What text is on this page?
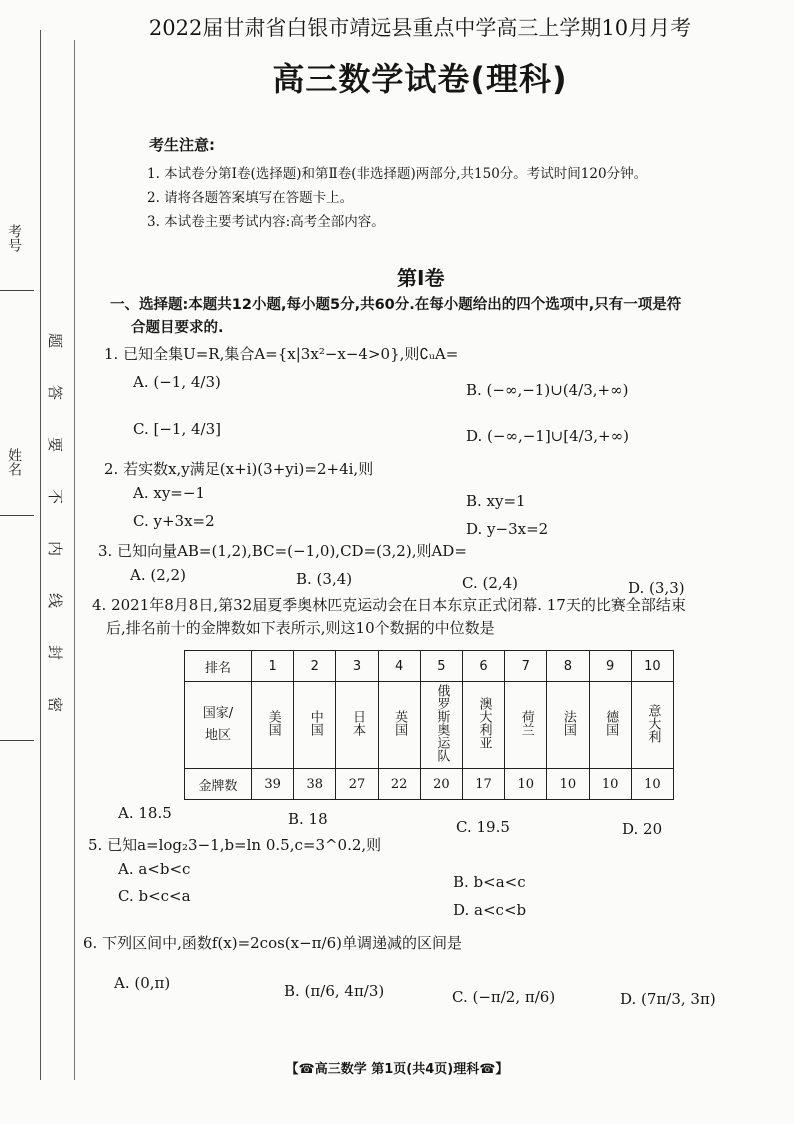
考号
姓名
密
封
线
内
不
要
答
题
2022届甘肃省白银市靖远县重点中学高三上学期10月月考
高三数学试卷(理科)
考生注意:
1. 本试卷分第Ⅰ卷(选择题)和第Ⅱ卷(非选择题)两部分,共150分。考试时间120分钟。
2. 请将各题答案填写在答题卡上。
3. 本试卷主要考试内容:高考全部内容。
第Ⅰ卷
一、选择题:本题共12小题,每小题5分,共60分.在每小题给出的四个选项中,只有一项是符
合题目要求的.
1. 已知全集U=R,集合A={x|3x²−x−4>0},则∁ᵤA=
A. (−1, 4/3)	B. (−∞,−1)∪(4/3,+∞)
C. [−1, 4/3]	D. (−∞,−1]∪[4/3,+∞)
2. 若实数x,y满足(x+i)(3+yi)=2+4i,则
A. xy=−1	B. xy=1
C. y+3x=2	D. y−3x=2
3. 已知向量AB=(1,2),BC=(−1,0),CD=(3,2),则AD=
A. (2,2)	B. (3,4)	C. (2,4)	D. (3,3)
4. 2021年8月8日,第32届夏季奥林匹克运动会在日本东京正式闭幕. 17天的比赛全部结束
后,排名前十的金牌数如下表所示,则这10个数据的中位数是
排名	1	2	3	4	5	6	7	8	9	10
国家/地区	美国	中国	日本	英国	俄罗斯奥运队	澳大利亚	荷兰	法国	德国	意大利
金牌数	39	38	27	22	20	17	10	10	10	10
A. 18.5	B. 18	C. 19.5	D. 20
5. 已知a=log₂3−1,b=ln 0.5,c=3^0.2,则
A. a<b<c
B. b<a<c
C. b<c<a
D. a<c<b
6. 下列区间中,函数f(x)=2cos(x−π/6)单调递减的区间是
A. (0,π)	B. (π/6, 4π/3)	C. (−π/2, π/6)	D. (7π/3, 3π)
【☎高三数学 第1页(共4页)理科☎】
